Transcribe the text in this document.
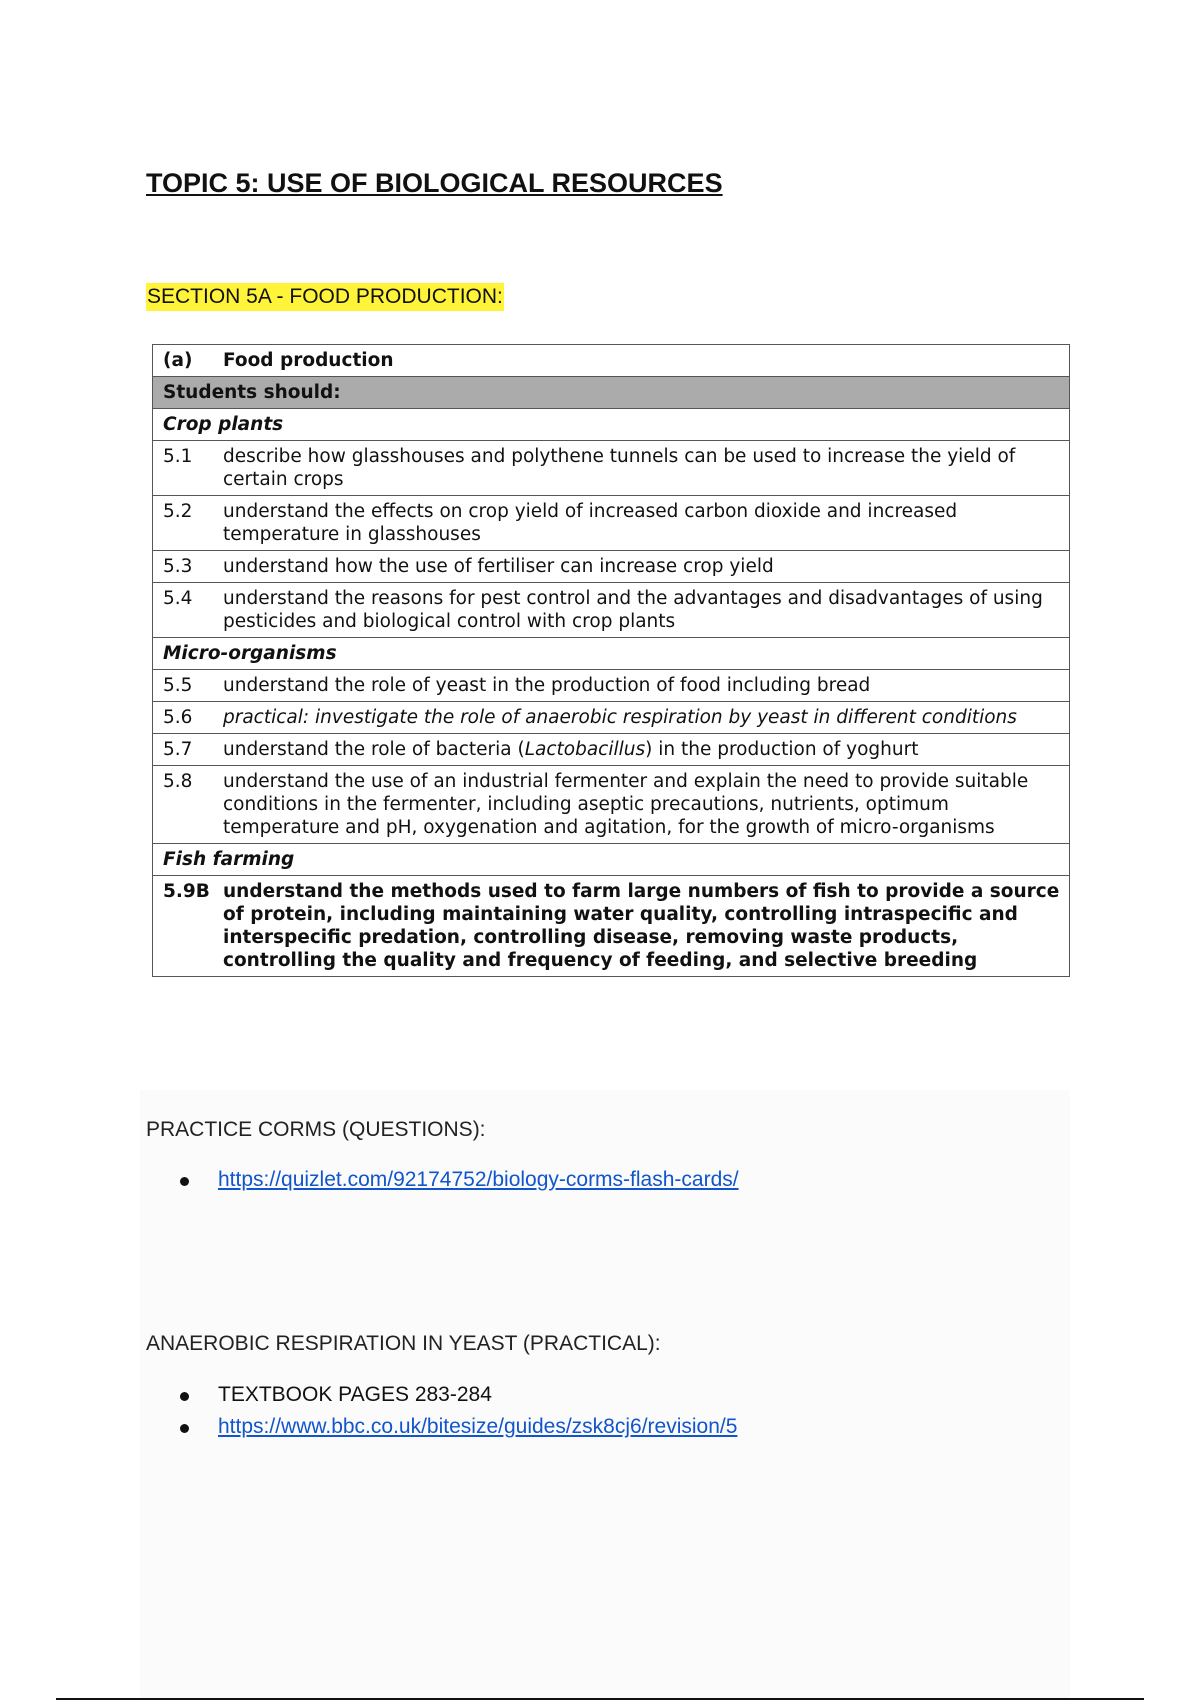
TOPIC 5: USE OF BIOLOGICAL RESOURCES

SECTION 5A - FOOD PRODUCTION:

(a)	Food production
Students should:	
Crop plants	
5.1	describe how glasshouses and polythene tunnels can be used to increase the yield of certain crops
5.2	understand the effects on crop yield of increased carbon dioxide and increased temperature in glasshouses
5.3	understand how the use of fertiliser can increase crop yield
5.4	understand the reasons for pest control and the advantages and disadvantages of using pesticides and biological control with crop plants
Micro-organisms	
5.5	understand the role of yeast in the production of food including bread
5.6	practical: investigate the role of anaerobic respiration by yeast in different conditions
5.7	understand the role of bacteria (Lactobacillus) in the production of yoghurt
5.8	understand the use of an industrial fermenter and explain the need to provide suitable conditions in the fermenter, including aseptic precautions, nutrients, optimum temperature and pH, oxygenation and agitation, for the growth of micro-organisms
Fish farming	
5.9B	understand the methods used to farm large numbers of fish to provide a source of protein, including maintaining water quality, controlling intraspecific and interspecific predation, controlling disease, removing waste products, controlling the quality and frequency of feeding, and selective breeding

PRACTICE CORMS (QUESTIONS):

https://quizlet.com/92174752/biology-corms-flash-cards/

ANAEROBIC RESPIRATION IN YEAST (PRACTICAL):

TEXTBOOK PAGES 283-284
https://www.bbc.co.uk/bitesize/guides/zsk8cj6/revision/5
